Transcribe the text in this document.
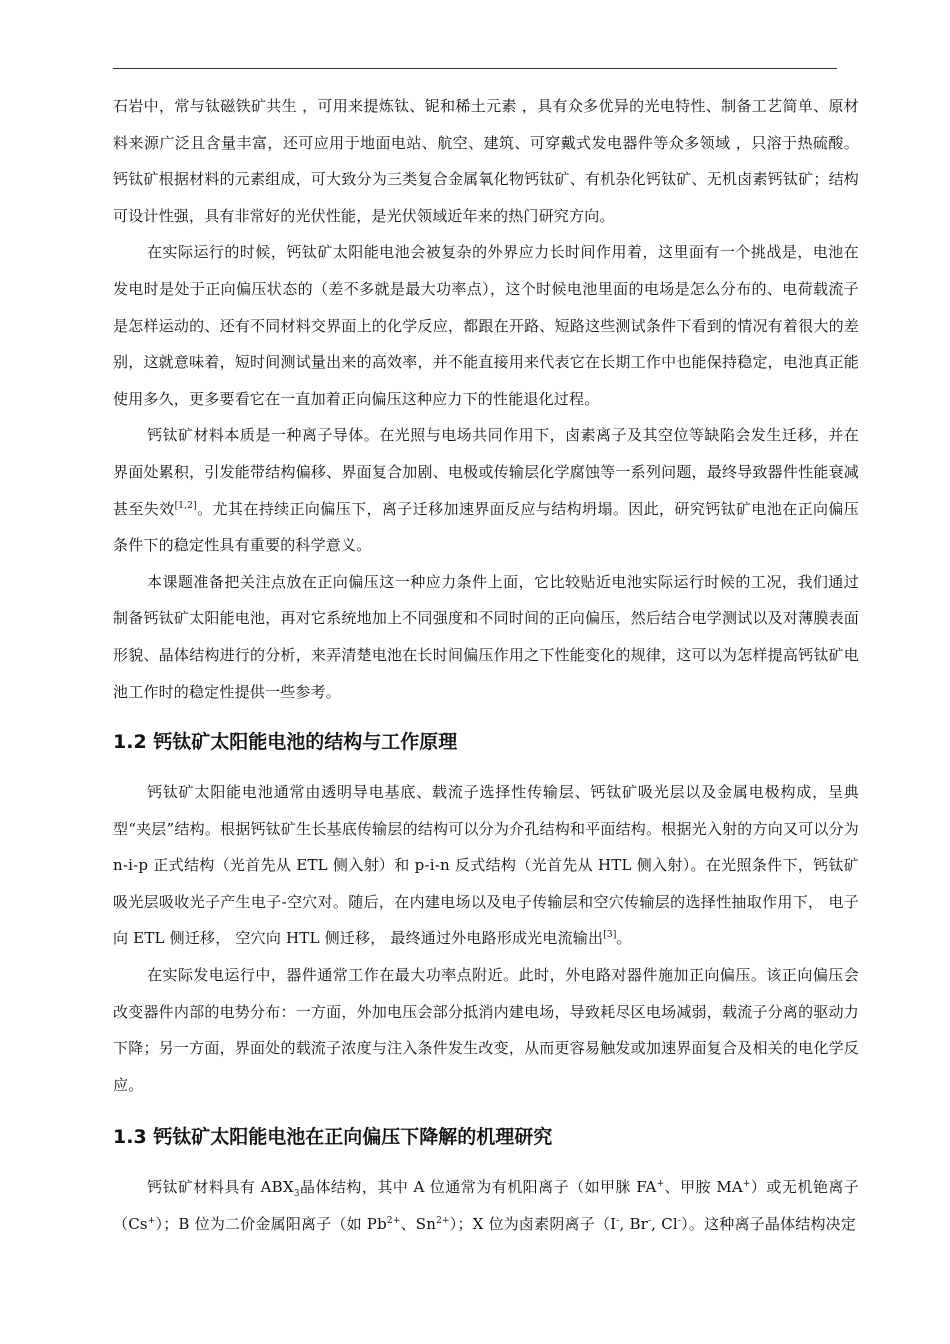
石岩中，常与钛磁铁矿共生 ，可用来提炼钛、铌和稀土元素 ，具有众多优异的光电特性、制备工艺简单、原材料来源广泛且含量丰富，还可应用于地面电站、航空、建筑、可穿戴式发电器件等众多领域 ，只溶于热硫酸。钙钛矿根据材料的元素组成，可大致分为三类复合金属氧化物钙钛矿、有机杂化钙钛矿、无机卤素钙钛矿；结构可设计性强，具有非常好的光伏性能，是光伏领域近年来的热门研究方向。

在实际运行的时候，钙钛矿太阳能电池会被复杂的外界应力长时间作用着，这里面有一个挑战是，电池在发电时是处于正向偏压状态的（差不多就是最大功率点），这个时候电池里面的电场是怎么分布的、电荷载流子是怎样运动的、还有不同材料交界面上的化学反应，都跟在开路、短路这些测试条件下看到的情况有着很大的差别，这就意味着，短时间测试量出来的高效率，并不能直接用来代表它在长期工作中也能保持稳定，电池真正能使用多久，更多要看它在一直加着正向偏压这种应力下的性能退化过程。

钙钛矿材料本质是一种离子导体。在光照与电场共同作用下，卤素离子及其空位等缺陷会发生迁移，并在界面处累积，引发能带结构偏移、界面复合加剧、电极或传输层化学腐蚀等一系列问题，最终导致器件性能衰减甚至失效[1,2]。尤其在持续正向偏压下，离子迁移加速界面反应与结构坍塌。因此，研究钙钛矿电池在正向偏压条件下的稳定性具有重要的科学意义。

本课题准备把关注点放在正向偏压这一种应力条件上面，它比较贴近电池实际运行时候的工况，我们通过制备钙钛矿太阳能电池，再对它系统地加上不同强度和不同时间的正向偏压，然后结合电学测试以及对薄膜表面形貌、晶体结构进行的分析，来弄清楚电池在长时间偏压作用之下性能变化的规律，这可以为怎样提高钙钛矿电池工作时的稳定性提供一些参考。

1.2 钙钛矿太阳能电池的结构与工作原理

钙钛矿太阳能电池通常由透明导电基底、载流子选择性传输层、钙钛矿吸光层以及金属电极构成，呈典型“夹层”结构。根据钙钛矿生长基底传输层的结构可以分为介孔结构和平面结构。根据光入射的方向又可以分为 n-i-p 正式结构（光首先从 ETL 侧入射）和 p-i-n 反式结构（光首先从 HTL 侧入射）。在光照条件下，钙钛矿吸光层吸收光子产生电子-空穴对。随后，在内建电场以及电子传输层和空穴传输层的选择性抽取作用下， 电子向 ETL 侧迁移， 空穴向 HTL 侧迁移， 最终通过外电路形成光电流输出[3]。

在实际发电运行中，器件通常工作在最大功率点附近。此时，外电路对器件施加正向偏压。该正向偏压会改变器件内部的电势分布：一方面，外加电压会部分抵消内建电场，导致耗尽区电场减弱，载流子分离的驱动力下降；另一方面，界面处的载流子浓度与注入条件发生改变，从而更容易触发或加速界面复合及相关的电化学反应。

1.3 钙钛矿太阳能电池在正向偏压下降解的机理研究

钙钛矿材料具有 $ABX_3$晶体结构，其中 A 位通常为有机阳离子（如甲脒 FA+、甲胺 MA+）或无机铯离子（Cs+）；B 位为二价金属阳离子（如 $Pb^{2+}$、$Sn^{2+}$）；X 位为卤素阴离子（I-, Br-, Cl-）。这种离子晶体结构决定
